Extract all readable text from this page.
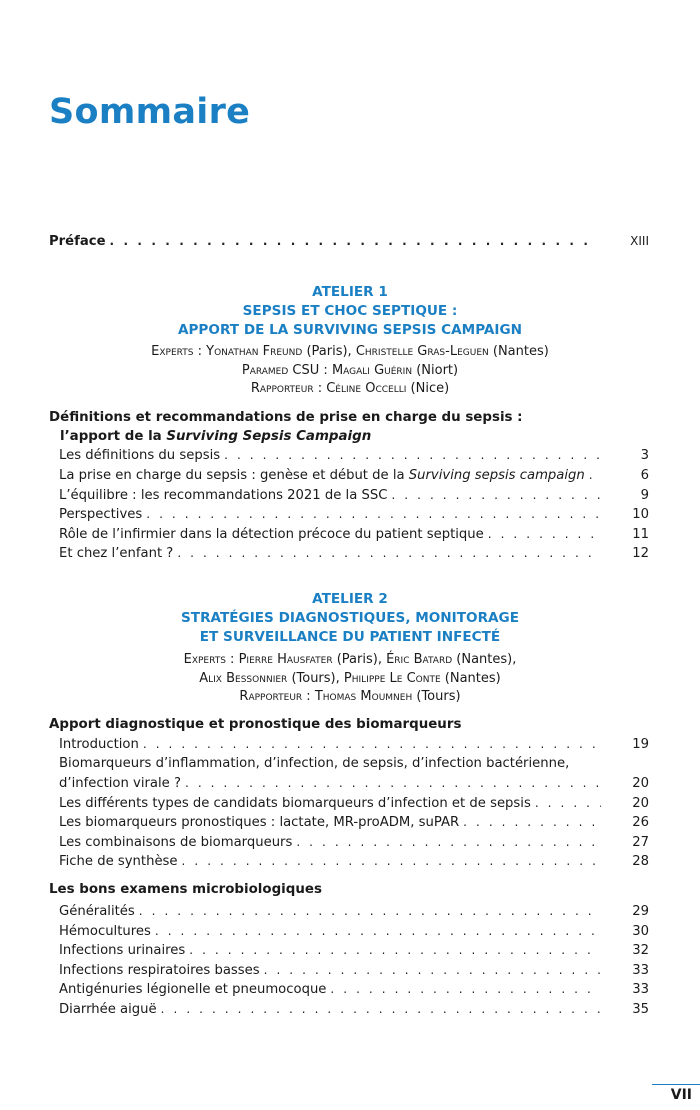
Sommaire
Préface . . .	XIII
ATELIER 1
SEPSIS ET CHOC SEPTIQUE :
APPORT DE LA SURVIVING SEPSIS CAMPAIGN
Experts : Yonathan Freund (Paris), Christelle Gras-Leguen (Nantes)
Paramed CSU : Magali Guérin (Niort)
Rapporteur : Céline Occelli (Nice)
Définitions et recommandations de prise en charge du sepsis :
l’apport de la Surviving Sepsis Campaign
Les définitions du sepsis . . .	3
La prise en charge du sepsis : genèse et début de la Surviving sepsis campaign . . .	6
L’équilibre : les recommandations 2021 de la SSC . . .	9
Perspectives . . .	10
Rôle de l’infirmier dans la détection précoce du patient septique . . .	11
Et chez l’enfant ? . . .	12
ATELIER 2
STRATÉGIES DIAGNOSTIQUES, MONITORAGE
ET SURVEILLANCE DU PATIENT INFECTÉ
Experts : Pierre Hausfater (Paris), Éric Batard (Nantes),
Alix Bessonnier (Tours), Philippe Le Conte (Nantes)
Rapporteur : Thomas Moumneh (Tours)
Apport diagnostique et pronostique des biomarqueurs
Introduction . . .	19
Biomarqueurs d’inflammation, d’infection, de sepsis, d’infection bactérienne,
d’infection virale ? . . .	20
Les différents types de candidats biomarqueurs d’infection et de sepsis . . .	20
Les biomarqueurs pronostiques : lactate, MR-proADM, suPAR . . .	26
Les combinaisons de biomarqueurs . . .	27
Fiche de synthèse . . .	28
Les bons examens microbiologiques
Généralités . . .	29
Hémocultures . . .	30
Infections urinaires . . .	32
Infections respiratoires basses . . .	33
Antigénuries légionelle et pneumocoque . . .	33
Diarrhée aiguë . . .	35
VII
